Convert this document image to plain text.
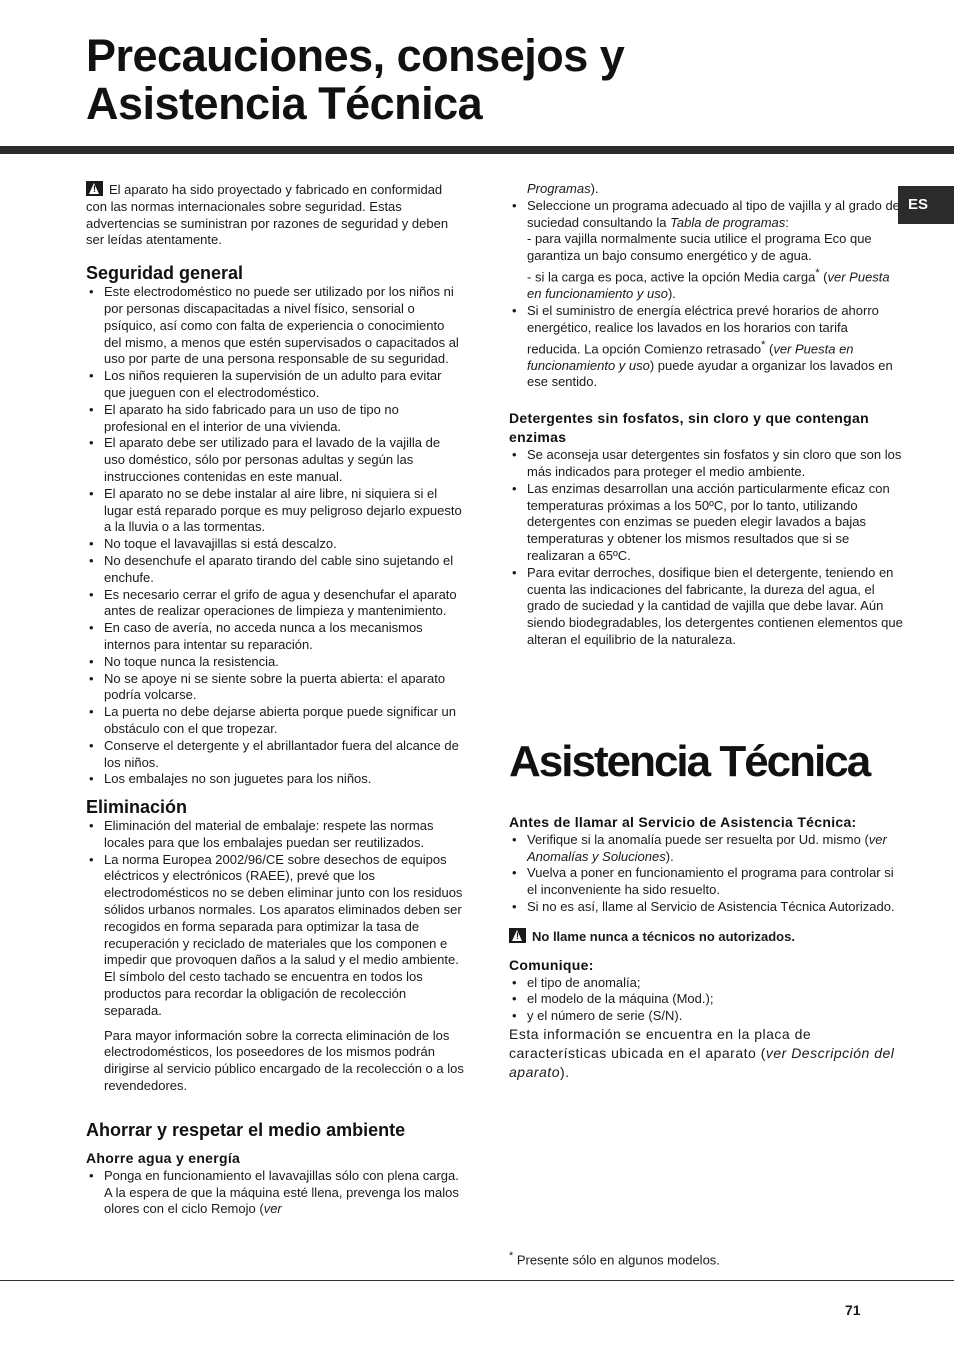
Precauciones, consejos y
Asistencia Técnica
ES

!El aparato ha sido proyectado y fabricado en conformidad con las normas internacionales sobre seguridad. Estas advertencias se suministran por razones de seguridad y deben ser leídas atentamente.

Seguridad general
• Este electrodoméstico no puede ser utilizado por los niños ni por personas discapacitadas a nivel físico, sensorial o psíquico, así como con falta de experiencia o conocimiento del mismo, a menos que estén supervisados o capacitados al uso por parte de una persona responsable de su seguridad.
• Los niños requieren la supervisión de un adulto para evitar que jueguen con el electrodoméstico.
• El aparato ha sido fabricado para un uso de tipo no profesional en el interior de una vivienda.
• El aparato debe ser utilizado para el lavado de la vajilla de uso doméstico, sólo por personas adultas y según las instrucciones contenidas en este manual.
• El aparato no se debe instalar al aire libre, ni siquiera si el lugar está reparado porque es muy peligroso dejarlo expuesto a la lluvia o a las tormentas.
• No toque el lavavajillas si está descalzo.
• No desenchufe el aparato tirando del cable sino sujetando el enchufe.
• Es necesario cerrar el grifo de agua y desenchufar el aparato antes de realizar operaciones de limpieza y mantenimiento.
• En caso de avería, no acceda nunca a los mecanismos internos para intentar su reparación.
• No toque nunca la resistencia.
• No se apoye ni se siente sobre la puerta abierta: el aparato podría volcarse.
• La puerta no debe dejarse abierta porque puede significar un obstáculo con el que tropezar.
• Conserve el detergente y el abrillantador fuera del alcance de los niños.
• Los embalajes no son juguetes para los niños.
Eliminación
• Eliminación del material de embalaje: respete las normas locales para que los embalajes puedan ser reutilizados.
• La norma Europea 2002/96/CE sobre desechos de equipos eléctricos y electrónicos (RAEE), prevé que los electrodomésticos no se deben eliminar junto con los residuos sólidos urbanos normales. Los aparatos eliminados deben ser recogidos en forma separada para optimizar la tasa de recuperación y reciclado de materiales que los componen e impedir que provoquen daños a la salud y el medio ambiente. El símbolo del cesto tachado se encuentra en todos los productos para recordar la obligación de recolección separada.

Para mayor información sobre la correcta eliminación de los electrodomésticos, los poseedores de los mismos podrán dirigirse al servicio público encargado de la recolección o a los revendedores.

Ahorrar y respetar el medio ambiente
Ahorre agua y energía
• Ponga en funcionamiento el lavavajillas sólo con plena carga. A la espera de que la máquina esté llena, prevenga los malos olores con el ciclo Remojo (ver

Programas).

• Seleccione un programa adecuado al tipo de vajilla y al grado de suciedad consultando la Tabla de programas:
- para vajilla normalmente sucia utilice el programa Eco que garantiza un bajo consumo energético y de agua.
- si la carga es poca, active la opción Media carga* (ver Puesta en funcionamiento y uso).
• Si el suministro de energía eléctrica prevé horarios de ahorro energético, realice los lavados en los horarios con tarifa reducida. La opción Comienzo retrasado* (ver Puesta en funcionamiento y uso) puede ayudar a organizar los lavados en ese sentido.
Detergentes sin fosfatos, sin cloro y que contengan enzimas
• Se aconseja usar detergentes sin fosfatos y sin cloro que son los más indicados para proteger el medio ambiente.
• Las enzimas desarrollan una acción particularmente eficaz con temperaturas próximas a los 50ºC, por lo tanto, utilizando detergentes con enzimas se pueden elegir lavados a bajas temperaturas y obtener los mismos resultados que si se realizaran a 65ºC.
• Para evitar derroches, dosifique bien el detergente, teniendo en cuenta las indicaciones del fabricante, la dureza del agua, el grado de suciedad y la cantidad de vajilla que debe lavar. Aún siendo biodegradables, los detergentes contienen elementos que alteran el equilibrio de la naturaleza.
Asistencia Técnica
Antes de llamar al Servicio de Asistencia Técnica:
• Verifique si la anomalía puede ser resuelta por Ud. mismo (ver Anomalías y Soluciones).
• Vuelva a poner en funcionamiento el programa para controlar si el inconveniente ha sido resuelto.
• Si no es así, llame al Servicio de Asistencia Técnica Autorizado.

!No llame nunca a técnicos no autorizados.

Comunique:
• el tipo de anomalía;
• el modelo de la máquina (Mod.);
• y el número de serie (S/N).

Esta información se encuentra en la placa de características ubicada en el aparato (ver Descripción del aparato).

* Presente sólo en algunos modelos.
71
